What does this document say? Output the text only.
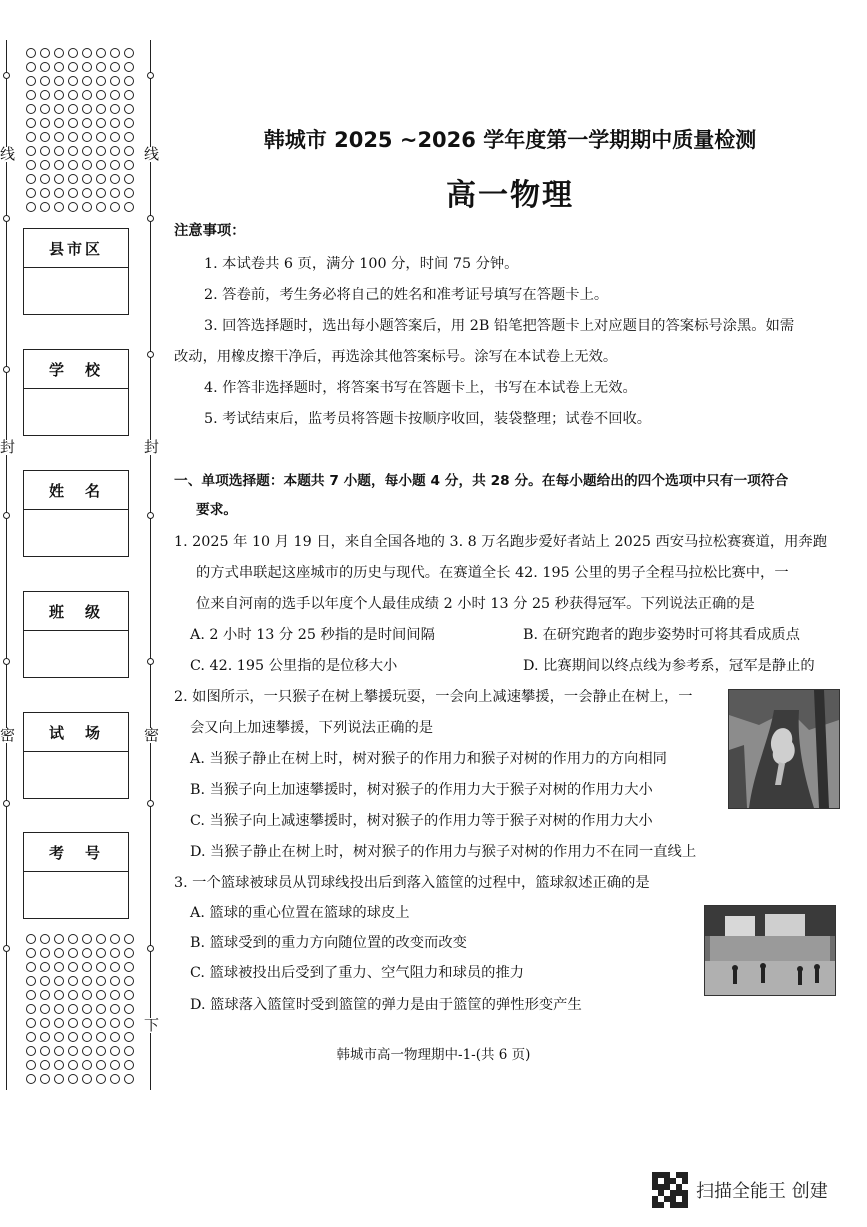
线	线
封	封
密	密
下
县市区
学　校
姓　名
班　级
试　场
考　号
韩城市 2025 ~2026 学年度第一学期期中质量检测
高一物理
注意事项：
1. 本试卷共 6 页，满分 100 分，时间 75 分钟。
2. 答卷前，考生务必将自己的姓名和准考证号填写在答题卡上。
3. 回答选择题时，选出每小题答案后，用 2B 铅笔把答题卡上对应题目的答案标号涂黑。如需
改动，用橡皮擦干净后，再选涂其他答案标号。涂写在本试卷上无效。
4. 作答非选择题时，将答案书写在答题卡上，书写在本试卷上无效。
5. 考试结束后，监考员将答题卡按顺序收回，装袋整理；试卷不回收。
一、单项选择题：本题共 7 小题，每小题 4 分，共 28 分。在每小题给出的四个选项中只有一项符合
要求。
1. 2025 年 10 月 19 日，来自全国各地的 3. 8 万名跑步爱好者站上 2025 西安马拉松赛赛道，用奔跑
的方式串联起这座城市的历史与现代。在赛道全长 42. 195 公里的男子全程马拉松比赛中，一
位来自河南的选手以年度个人最佳成绩 2 小时 13 分 25 秒获得冠军。下列说法正确的是
A. 2 小时 13 分 25 秒指的是时间间隔	B. 在研究跑者的跑步姿势时可将其看成质点
C. 42. 195 公里指的是位移大小	D. 比赛期间以终点线为参考系，冠军是静止的
2. 如图所示，一只猴子在树上攀援玩耍，一会向上减速攀援，一会静止在树上，一
会又向上加速攀援，下列说法正确的是
A. 当猴子静止在树上时，树对猴子的作用力和猴子对树的作用力的方向相同
B. 当猴子向上加速攀援时，树对猴子的作用力大于猴子对树的作用力大小
C. 当猴子向上减速攀援时，树对猴子的作用力等于猴子对树的作用力大小
D. 当猴子静止在树上时，树对猴子的作用力与猴子对树的作用力不在同一直线上
3. 一个篮球被球员从罚球线投出后到落入篮筐的过程中，篮球叙述正确的是
A. 篮球的重心位置在篮球的球皮上
B. 篮球受到的重力方向随位置的改变而改变
C. 篮球被投出后受到了重力、空气阻力和球员的推力
D. 篮球落入篮筐时受到篮筐的弹力是由于篮筐的弹性形变产生
韩城市高一物理期中-1-(共 6 页)
扫描全能王 创建
